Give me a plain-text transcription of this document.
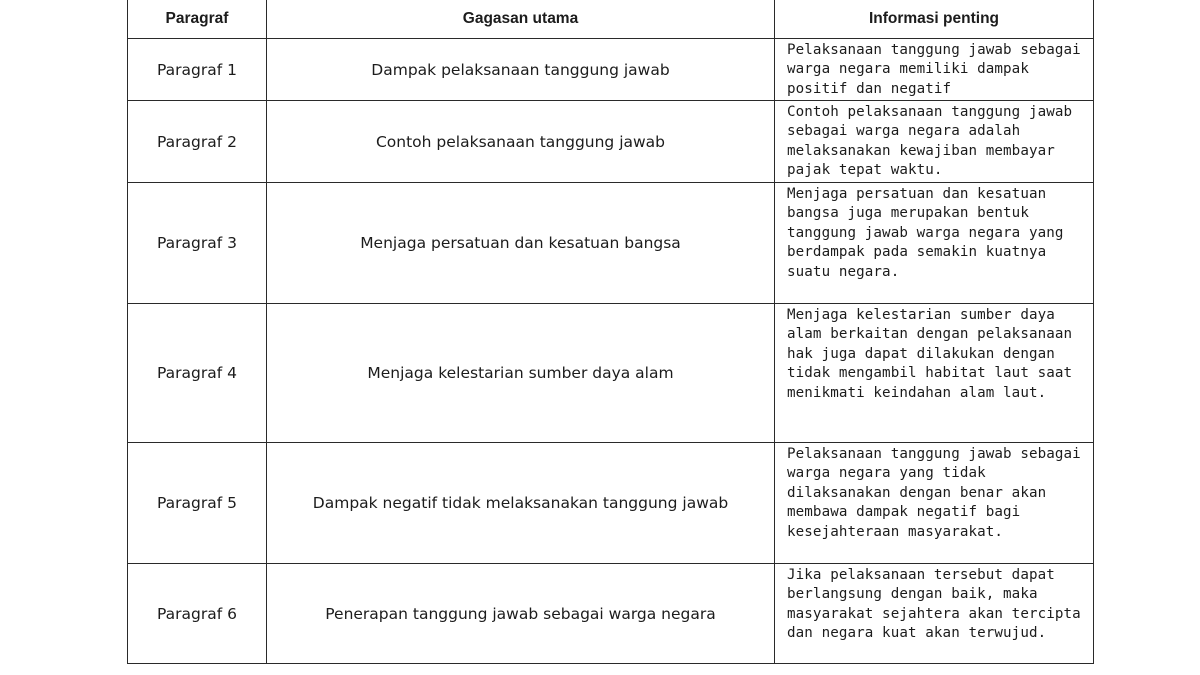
Paragraf	Gagasan utama	Informasi penting
Paragraf 1	Dampak pelaksanaan tanggung jawab	Pelaksanaan tanggung jawab sebagai warga negara memiliki dampak positif dan negatif

Paragraf 2	Contoh pelaksanaan tanggung jawab	Contoh pelaksanaan tanggung jawab sebagai warga negara adalah melaksanakan kewajiban membayar pajak tepat waktu.

Paragraf 3	Menjaga persatuan dan kesatuan bangsa	Menjaga persatuan dan kesatuan bangsa juga merupakan bentuk tanggung jawab warga negara yang berdampak pada semakin kuatnya suatu negara.

Paragraf 4	Menjaga kelestarian sumber daya alam	Menjaga kelestarian sumber daya alam berkaitan dengan pelaksanaan hak juga dapat dilakukan dengan tidak mengambil habitat laut saat menikmati keindahan alam laut.

Paragraf 5	Dampak negatif tidak melaksanakan tanggung jawab	Pelaksanaan tanggung jawab sebagai warga negara yang tidak dilaksanakan dengan benar akan membawa dampak negatif bagi kesejahteraan masyarakat.

Paragraf 6	Penerapan tanggung jawab sebagai warga negara	Jika pelaksanaan tersebut dapat berlangsung dengan baik, maka masyarakat sejahtera akan tercipta dan negara kuat akan terwujud.
